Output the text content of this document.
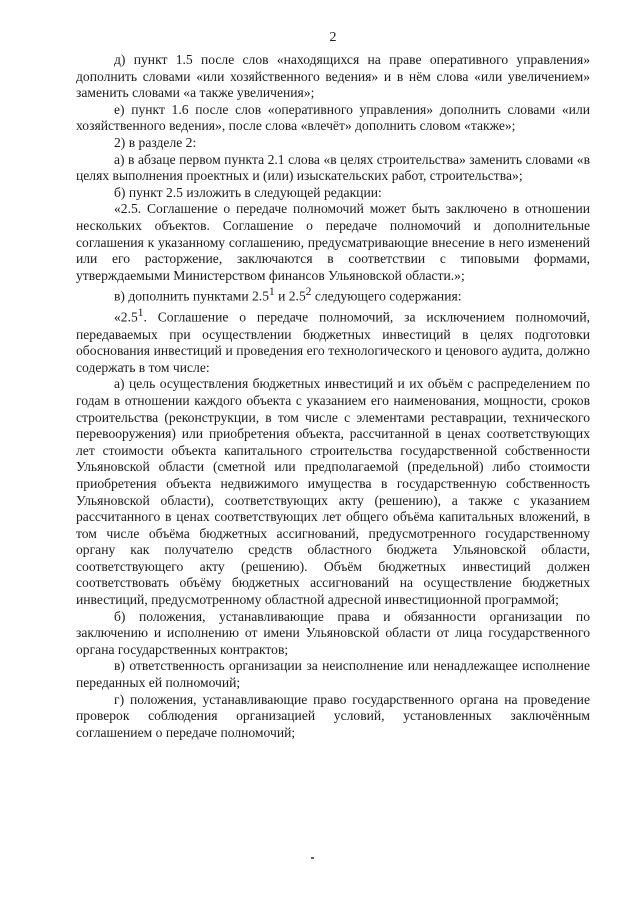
2

д) пункт 1.5 после слов «находящихся на праве оперативного управления» дополнить словами «или хозяйственного ведения» и в нём слова «или увеличением» заменить словами «а также увеличения»;

е) пункт 1.6 после слов «оперативного управления» дополнить словами «или хозяйственного ведения», после слова «влечёт» дополнить словом «также»;

2) в разделе 2:

а) в абзаце первом пункта 2.1 слова «в целях строительства» заменить словами «в целях выполнения проектных и (или) изыскательских работ, строительства»;

б) пункт 2.5 изложить в следующей редакции:

«2.5. Соглашение о передаче полномочий может быть заключено в отношении нескольких объектов. Соглашение о передаче полномочий и дополнительные соглашения к указанному соглашению, предусматривающие внесение в него изменений или его расторжение, заключаются в соответствии с типовыми формами, утверждаемыми Министерством финансов Ульяновской области.»;

в) дополнить пунктами $2.5^1$ и $2.5^2$ следующего содержания:

«$2.5^1$. Соглашение о передаче полномочий, за исключением полномочий, передаваемых при осуществлении бюджетных инвестиций в целях подготовки обоснования инвестиций и проведения его технологического и ценового аудита, должно содержать в том числе:

а) цель осуществления бюджетных инвестиций и их объём с распределением по годам в отношении каждого объекта с указанием его наименования, мощности, сроков строительства (реконструкции, в том числе с элементами реставрации, технического перевооружения) или приобретения объекта, рассчитанной в ценах соответствующих лет стоимости объекта капитального строительства государственной собственности Ульяновской области (сметной или предполагаемой (предельной) либо стоимости приобретения объекта недвижимого имущества в государственную собственность Ульяновской области), соответствующих акту (решению), а также с указанием рассчитанного в ценах соответствующих лет общего объёма капитальных вложений, в том числе объёма бюджетных ассигнований, предусмотренного государственному органу как получателю средств областного бюджета Ульяновской области, соответствующего акту (решению). Объём бюджетных инвестиций должен соответствовать объёму бюджетных ассигнований на осуществление бюджетных инвестиций, предусмотренному областной адресной инвестиционной программой;

б) положения, устанавливающие права и обязанности организации по заключению и исполнению от имени Ульяновской области от лица государственного органа государственных контрактов;

в) ответственность организации за неисполнение или ненадлежащее исполнение переданных ей полномочий;

г) положения, устанавливающие право государственного органа на проведение проверок соблюдения организацией условий, установленных заключённым соглашением о передаче полномочий;
